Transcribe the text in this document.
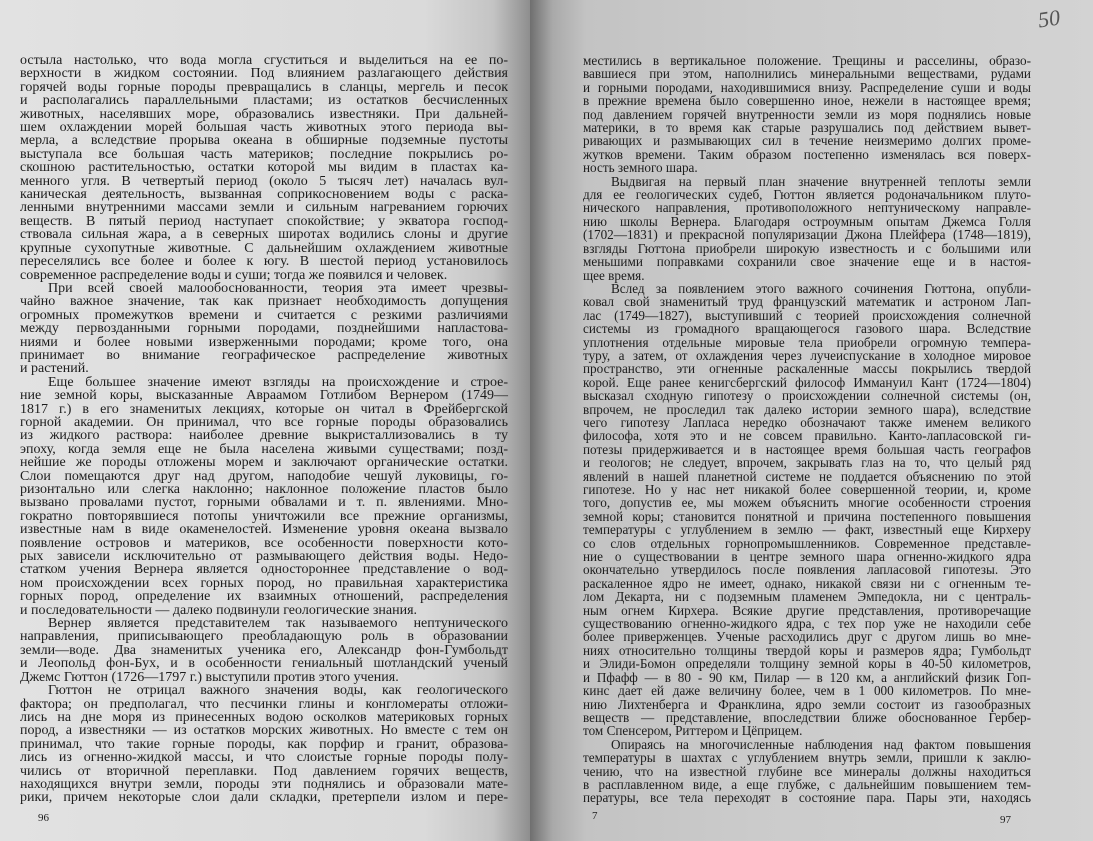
остыла настолько, что вода могла сгуститься и выделиться на ее по-
верхности в жидком состоянии. Под влиянием разлагающего действия
горячей воды горные породы превращались в сланцы, мергель и песок
и располагались параллельными пластами; из остатков бесчисленных
животных, населявших море, образовались известняки. При дальней-
шем охлаждении морей большая часть животных этого периода вы-
мерла, а вследствие прорыва океана в обширные подземные пустоты
выступала все большая часть материков; последние покрылись ро-
скошною растительностью, остатки которой мы видим в пластах ка-
менного угля. В четвертый период (около 5 тысяч лет) началась вул-
каническая деятельность, вызванная соприкосновением воды с раска-
ленными внутренними массами земли и сильным нагреванием горючих
веществ. В пятый период наступает спокойствие; у экватора господ-
ствовала сильная жара, а в северных широтах водились слоны и другие
крупные сухопутные животные. С дальнейшим охлаждением животные
переселялись все более и более к югу. В шестой период установилось
современное распределение воды и суши; тогда же появился и человек.
При всей своей малообоснованности, теория эта имеет чрезвы-
чайно важное значение, так как признает необходимость допущения
огромных промежутков времени и считается с резкими различиями
между первозданными горными породами, позднейшими напластова-
ниями и более новыми изверженными породами; кроме того, она
принимает во внимание географическое распределение животных
и растений.
Еще большее значение имеют взгляды на происхождение и строе-
ние земной коры, высказанные Авраамом Готлибом Вернером (1749—
1817 г.) в его знаменитых лекциях, которые он читал в Фрейбергской
горной академии. Он принимал, что все горные породы образовались
из жидкого раствора: наиболее древние выкристаллизовались в ту
эпоху, когда земля еще не была населена живыми существами; позд-
нейшие же породы отложены морем и заключают органические остатки.
Слои помещаются друг над другом, наподобие чешуй луковицы, го-
ризонтально или слегка наклонно; наклонное положение пластов было
вызвано провалами пустот, горными обвалами и т. п. явлениями. Мно-
гократно повторявшиеся потопы уничтожили все прежние организмы,
известные нам в виде окаменелостей. Изменение уровня океана вызвало
появление островов и материков, все особенности поверхности кото-
рых зависели исключительно от размывающего действия воды. Недо-
статком учения Вернера является одностороннее представление о вод-
ном происхождении всех горных пород, но правильная характеристика
горных пород, определение их взаимных отношений, распределения
и последовательности — далеко подвинули геологические знания.
Вернер является представителем так называемого нептунического
направления, приписывающего преобладающую роль в образовании
земли—воде. Два знаменитых ученика его, Александр фон-Гумбольдт
и Леопольд фон-Бух, и в особенности гениальный шотландский ученый
Джемс Гюттон (1726—1797 г.) выступили против этого учения.
Гюттон не отрицал важного значения воды, как геологического
фактора; он предполагал, что песчинки глины и конгломераты отложи-
лись на дне моря из принесенных водою осколков материковых горных
пород, а известняки — из остатков морских животных. Но вместе с тем он
принимал, что такие горные породы, как порфир и гранит, образова-
лись из огненно-жидкой массы, и что слоистые горные породы полу-
чились от вторичной переплавки. Под давлением горячих веществ,
находящихся внутри земли, породы эти поднялись и образовали мате-
рики, причем некоторые слои дали складки, претерпели излом и пере-
96
местились в вертикальное положение. Трещины и расселины, образо-
вавшиеся при этом, наполнились минеральными веществами, рудами
и горными породами, находившимися внизу. Распределение суши и воды
в прежние времена было совершенно иное, нежели в настоящее время;
под давлением горячей внутренности земли из моря поднялись новые
материки, в то время как старые разрушались под действием вывет-
ривающих и размывающих сил в течение неизмеримо долгих проме-
жутков времени. Таким образом постепенно изменялась вся поверх-
ность земного шара.
Выдвигая на первый план значение внутренней теплоты земли
для ее геологических судеб, Гюттон является родоначальником плуто-
нического направления, противоположного нептуническому направле-
нию школы Вернера. Благодаря остроумным опытам Джемса Голля
(1702—1831) и прекрасной популяризации Джона Плейфера (1748—1819),
взгляды Гюттона приобрели широкую известность и с большими или
меньшими поправками сохранили свое значение еще и в настоя-
щее время.
Вслед за появлением этого важного сочинения Гюттона, опубли-
ковал свой знаменитый труд французский математик и астроном Лап-
лас (1749—1827), выступивший с теорией происхождения солнечной
системы из громадного вращающегося газового шара. Вследствие
уплотнения отдельные мировые тела приобрели огромную темпера-
туру, а затем, от охлаждения через лучеиспускание в холодное мировое
пространство, эти огненные раскаленные массы покрылись твердой
корой. Еще ранее кенигсбергский философ Иммануил Кант (1724—1804)
высказал сходную гипотезу о происхождении солнечной системы (он,
впрочем, не проследил так далеко истории земного шара), вследствие
чего гипотезу Лапласа нередко обозначают также именем великого
философа, хотя это и не совсем правильно. Канто-лапласовской ги-
потезы придерживается и в настоящее время большая часть географов
и геологов; не следует, впрочем, закрывать глаз на то, что целый ряд
явлений в нашей планетной системе не поддается объяснению по этой
гипотезе. Но у нас нет никакой более совершенной теории, и, кроме
того, допустив ее, мы можем объяснить многие особенности строения
земной коры; становится понятной и причина постепенного повышения
температуры с углублением в землю — факт, известный еще Кирхеру
со слов отдельных горнопромышленников. Современное представле-
ние о существовании в центре земного шара огненно-жидкого ядра
окончательно утвердилось после появления лапласовой гипотезы. Это
раскаленное ядро не имеет, однако, никакой связи ни с огненным те-
лом Декарта, ни с подземным пламенем Эмпедокла, ни с централь-
ным огнем Кирхера. Всякие другие представления, противоречащие
существованию огненно-жидкого ядра, с тех пор уже не находили себе
более приверженцев. Ученые расходились друг с другом лишь во мне-
ниях относительно толщины твердой коры и размеров ядра; Гумбольдт
и Элиди-Бомон определяли толщину земной коры в 40-50 километров,
и Пфафф — в 80 - 90 км, Пилар — в 120 км, а английский физик Гоп-
кинс дает ей даже величину более, чем в 1 000 километров. По мне-
нию Лихтенберга и Франклина, ядро земли состоит из газообразных
веществ — представление, впоследствии ближе обоснованное Гербер-
том Спенсером, Риттером и Цёприцем.
Опираясь на многочисленные наблюдения над фактом повышения
температуры в шахтах с углублением внутрь земли, пришли к заклю-
чению, что на известной глубине все минералы должны находиться
в расплавленном виде, а еще глубже, с дальнейшим повышением тем-
пературы, все тела переходят в состояние пара. Пары эти, находясь
7	97
50
